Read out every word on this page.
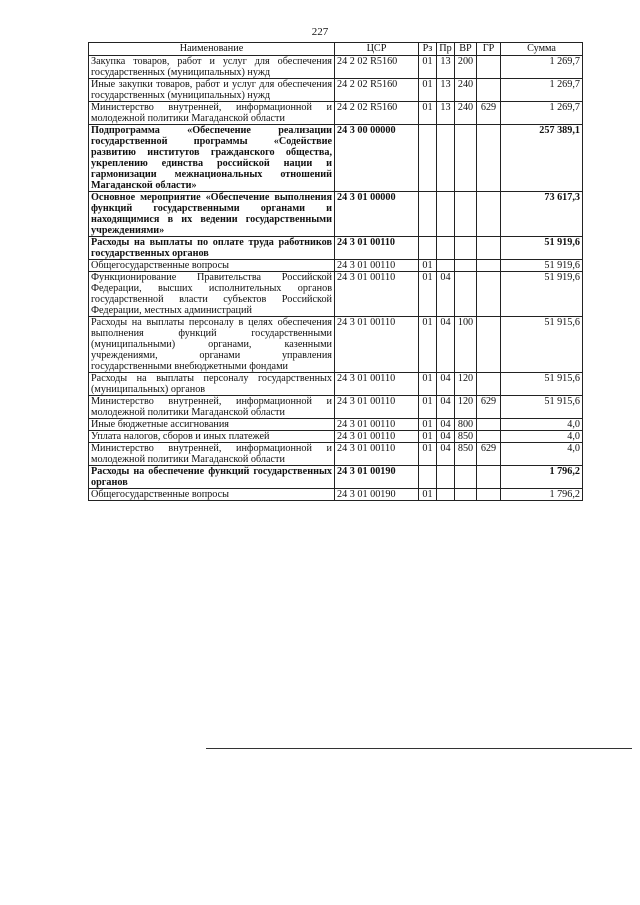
227
Наименование	ЦСР	Рз	Пр	ВР	ГР	Сумма
Закупка товаров, работ и услуг для обеспечения государственных (муниципальных) нужд	24 2 02 R5160	01	13	200		1 269,7
Иные закупки товаров, работ и услуг для обеспечения государственных (муниципальных) нужд	24 2 02 R5160	01	13	240		1 269,7
Министерство внутренней, информационной и молодежной политики Магаданской области	24 2 02 R5160	01	13	240	629	1 269,7
Подпрограмма «Обеспечение реализации государственной программы «Содействие развитию институтов гражданского общества, укреплению единства российской нации и гармонизации межнациональных отношений Магаданской области»	24 3 00 00000					257 389,1
Основное мероприятие «Обеспечение выполнения функций государственными органами и находящимися в их ведении государственными учреждениями»	24 3 01 00000					73 617,3
Расходы на выплаты по оплате труда работников государственных органов	24 3 01 00110					51 919,6
Общегосударственные вопросы	24 3 01 00110	01				51 919,6
Функционирование Правительства Российской Федерации, высших исполнительных органов государственной власти субъектов Российской Федерации, местных администраций	24 3 01 00110	01	04			51 919,6
Расходы на выплаты персоналу в целях обеспечения выполнения функций государственными (муниципальными) органами, казенными учреждениями, органами управления государственными внебюджетными фондами	24 3 01 00110	01	04	100		51 915,6
Расходы на выплаты персоналу государственных (муниципальных) органов	24 3 01 00110	01	04	120		51 915,6
Министерство внутренней, информационной и молодежной политики Магаданской области	24 3 01 00110	01	04	120	629	51 915,6
Иные бюджетные ассигнования	24 3 01 00110	01	04	800		4,0
Уплата налогов, сборов и иных платежей	24 3 01 00110	01	04	850		4,0
Министерство внутренней, информационной и молодежной политики Магаданской области	24 3 01 00110	01	04	850	629	4,0
Расходы на обеспечение функций государственных органов	24 3 01 00190					1 796,2
Общегосударственные вопросы	24 3 01 00190	01				1 796,2
